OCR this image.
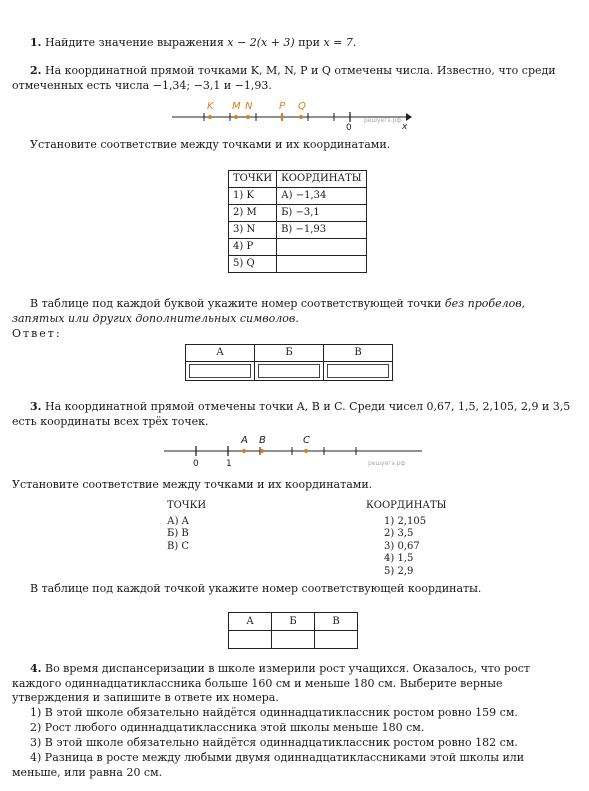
1. Найдите значение выражения x − 2(x + 3) при x = 7.

2. На координатной прямой точками K, M, N, P и Q отмечены числа. Известно, что среди отмеченных есть числа −1,34; −3,1 и −1,93.

K M N	P Q
0
решуегэ.рф
x

Установите соответствие между точками и их координатами.

ТОЧКИ	КООРДИНАТЫ
1) K	А) −1,34
2) M	Б) −3,1
3) N	В) −1,93
4) P	
5) Q	

В таблице под каждой буквой укажите номер соответствующей точки без пробелов, запятых или других дополнительных символов.

Ответ:

А	Б	В

3. На координатной прямой отмечены точки A, B и C. Среди чисел 0,67, 1,5, 2,105, 2,9 и 3,5 есть координаты всех трёх точек.

A B	C
0	1	решуегэ.рф

Установите соответствие между точками и их координатами.

ТОЧКИ
А) A
Б) B
В) C
КООРДИНАТЫ
1) 2,105
2) 3,5
3) 0,67
4) 1,5
5) 2,9

В таблице под каждой точкой укажите номер соответствующей координаты.

А	Б	В

4. Во время диспансеризации в школе измерили рост учащихся. Оказалось, что рост каждого одиннадцатиклассника больше 160 см и меньше 180 см. Выберите верные утверждения и запишите в ответе их номера.

1) В этой школе обязательно найдётся одиннадцатиклассник ростом ровно 159 см.

2) Рост любого одиннадцатиклассника этой школы меньше 180 см.

3) В этой школе обязательно найдётся одиннадцатиклассник ростом ровно 182 см.

4) Разница в росте между любыми двумя одиннадцатиклассниками этой школы или меньше, или равна 20 см.
